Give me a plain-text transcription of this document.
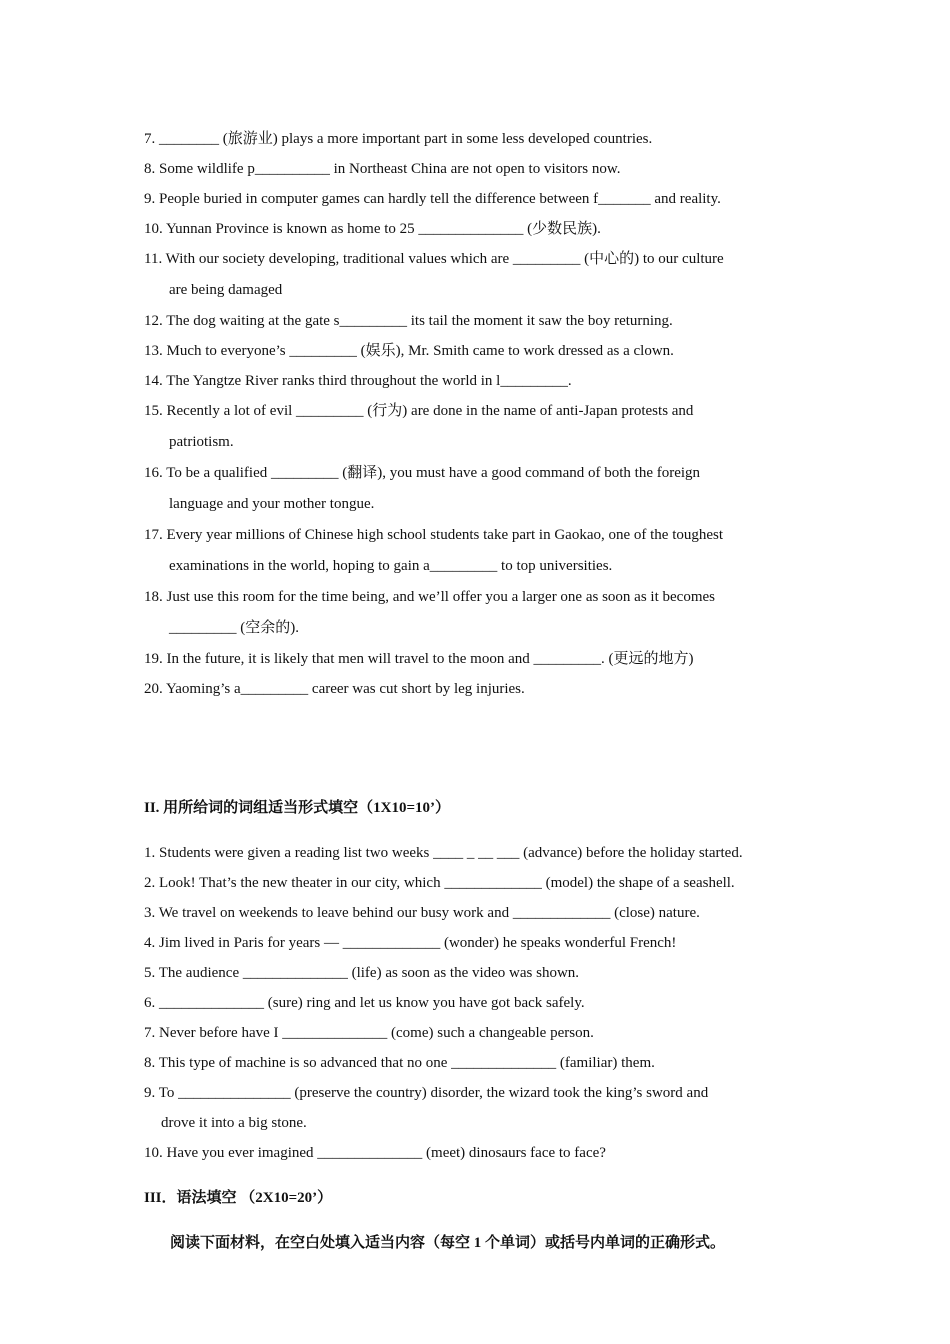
7. ________ (旅游业) plays a more important part in some less developed countries.

8. Some wildlife p__________ in Northeast China are not open to visitors now.

9. People buried in computer games can hardly tell the difference between f_______ and reality.

10. Yunnan Province is known as home to 25 ______________ (少数民族).

11. With our society developing, traditional values which are _________ (中心的) to our culture
are being damaged

12. The dog waiting at the gate s_________ its tail the moment it saw the boy returning.

13. Much to everyone’s _________ (娱乐), Mr. Smith came to work dressed as a clown.

14. The Yangtze River ranks third throughout the world in l_________.

15. Recently a lot of evil _________ (行为) are done in the name of anti-Japan protests and
patriotism.
16. To be a qualified _________ (翻译), you must have a good command of both the foreign
language and your mother tongue.
17. Every year millions of Chinese high school students take part in Gaokao, one of the toughest
examinations in the world, hoping to gain a_________ to top universities.
18. Just use this room for the time being, and we’ll offer you a larger one as soon as it becomes
_________ (空余的).

19. In the future, it is likely that men will travel to the moon and _________. (更远的地方)

20. Yaoming’s a_________ career was cut short by leg injuries.

II. 用所给词的词组适当形式填空（1X10=10’）

1. Students were given a reading list two weeks ____ _ __ ___ (advance) before the holiday started.

2. Look! That’s the new theater in our city, which _____________ (model) the shape of a seashell.

3. We travel on weekends to leave behind our busy work and _____________ (close) nature.

4. Jim lived in Paris for years — _____________ (wonder) he speaks wonderful French!

5. The audience ______________ (life) as soon as the video was shown.

6. ______________ (sure) ring and let us know you have got back safely.

7. Never before have I ______________ (come) such a changeable person.

8. This type of machine is so advanced that no one ______________ (familiar) them.

9. To _______________ (preserve the country) disorder, the wizard took the king’s sword and
drove it into a big stone.

10. Have you ever imagined ______________ (meet) dinosaurs face to face?

III．语法填空 （2X10=20’）

阅读下面材料，在空白处填入适当内容（每空 1 个单词）或括号内单词的正确形式。
